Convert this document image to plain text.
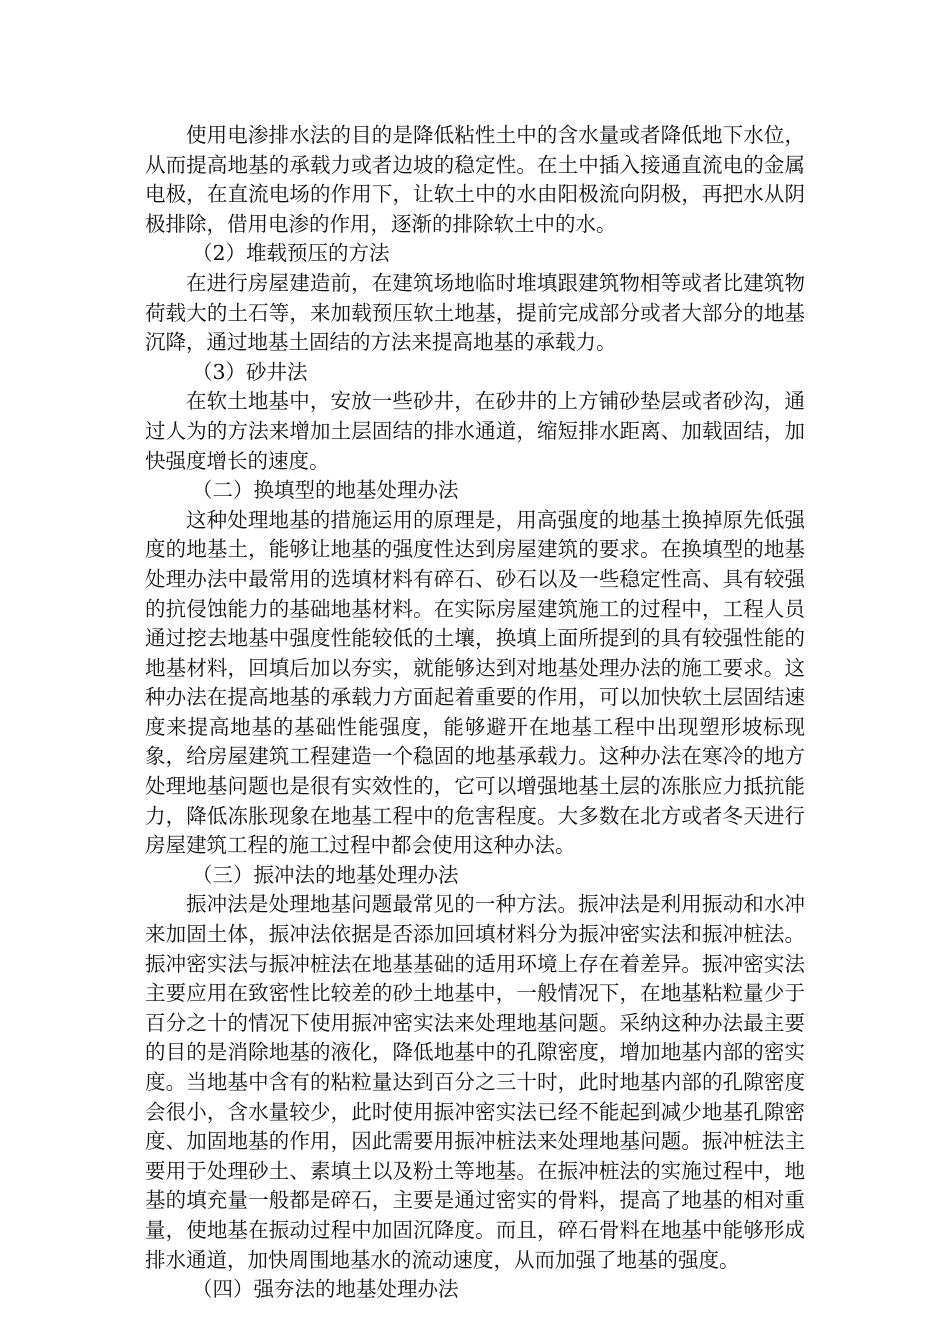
使用电渗排水法的目的是降低粘性土中的含水量或者降低地下水位，从而提高地基的承载力或者边坡的稳定性。在土中插入接通直流电的金属电极，在直流电场的作用下，让软土中的水由阳极流向阴极，再把水从阴极排除，借用电渗的作用，逐渐的排除软土中的水。

（2）堆载预压的方法

在进行房屋建造前，在建筑场地临时堆填跟建筑物相等或者比建筑物荷载大的土石等，来加载预压软土地基，提前完成部分或者大部分的地基沉降，通过地基土固结的方法来提高地基的承载力。

（3）砂井法

在软土地基中，安放一些砂井，在砂井的上方铺砂垫层或者砂沟，通过人为的方法来增加土层固结的排水通道，缩短排水距离、加载固结，加快强度增长的速度。

（二）换填型的地基处理办法

这种处理地基的措施运用的原理是，用高强度的地基土换掉原先低强度的地基土，能够让地基的强度性达到房屋建筑的要求。在换填型的地基处理办法中最常用的选填材料有碎石、砂石以及一些稳定性高、具有较强的抗侵蚀能力的基础地基材料。在实际房屋建筑施工的过程中，工程人员通过挖去地基中强度性能较低的土壤，换填上面所提到的具有较强性能的地基材料，回填后加以夯实，就能够达到对地基处理办法的施工要求。这种办法在提高地基的承载力方面起着重要的作用，可以加快软土层固结速度来提高地基的基础性能强度，能够避开在地基工程中出现塑形坡标现象，给房屋建筑工程建造一个稳固的地基承载力。这种办法在寒冷的地方处理地基问题也是很有实效性的，它可以增强地基土层的冻胀应力抵抗能力，降低冻胀现象在地基工程中的危害程度。大多数在北方或者冬天进行房屋建筑工程的施工过程中都会使用这种办法。

（三）振冲法的地基处理办法

振冲法是处理地基问题最常见的一种方法。振冲法是利用振动和水冲来加固土体，振冲法依据是否添加回填材料分为振冲密实法和振冲桩法。振冲密实法与振冲桩法在地基基础的适用环境上存在着差异。振冲密实法主要应用在致密性比较差的砂土地基中，一般情况下，在地基粘粒量少于百分之十的情况下使用振冲密实法来处理地基问题。采纳这种办法最主要的目的是消除地基的液化，降低地基中的孔隙密度，增加地基内部的密实度。当地基中含有的粘粒量达到百分之三十时，此时地基内部的孔隙密度会很小，含水量较少，此时使用振冲密实法已经不能起到减少地基孔隙密度、加固地基的作用，因此需要用振冲桩法来处理地基问题。振冲桩法主要用于处理砂土、素填土以及粉土等地基。在振冲桩法的实施过程中，地基的填充量一般都是碎石，主要是通过密实的骨料，提高了地基的相对重量，使地基在振动过程中加固沉降度。而且，碎石骨料在地基中能够形成排水通道，加快周围地基水的流动速度，从而加强了地基的强度。

（四）强夯法的地基处理办法
